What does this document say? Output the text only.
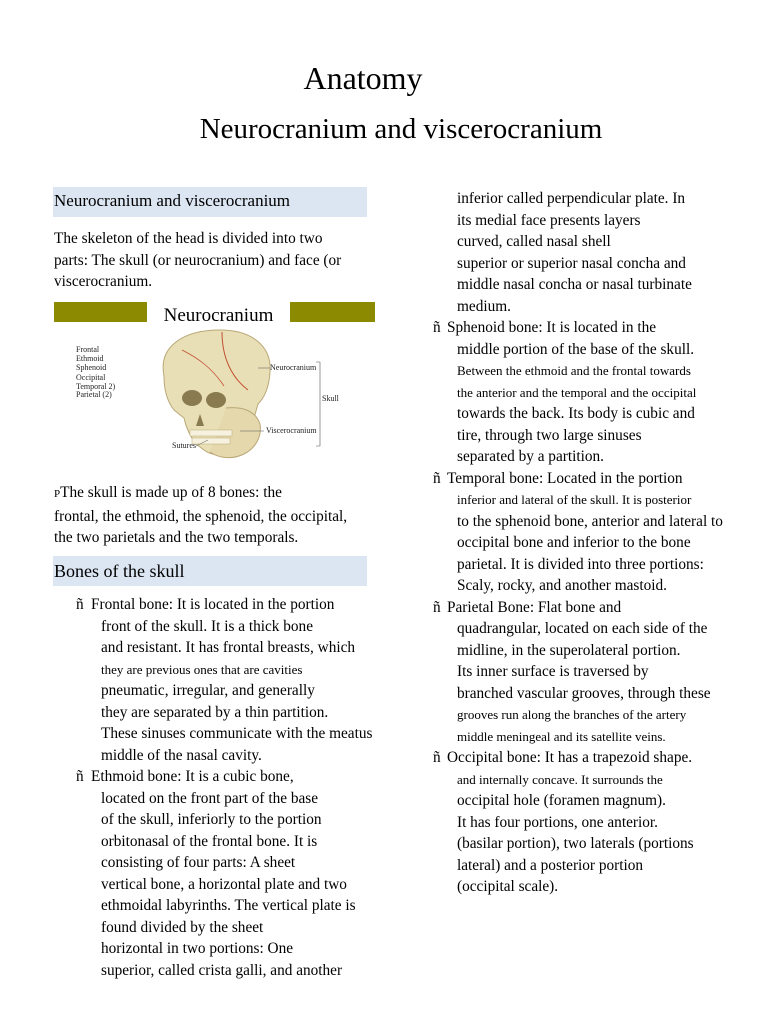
Anatomy
Neurocranium and viscerocranium
Neurocranium and viscerocranium

The skeleton of the head is divided into two
parts: The skull (or neurocranium) and face (or
viscerocranium.

Neurocranium
Frontal
Ethmoid
Sphenoid
Occipital
Temporal 2)
Parietal (2)
Neurocranium
Skull
Viscerocranium
Sutures

PThe skull is made up of 8 bones: the
frontal, the ethmoid, the sphenoid, the occipital,
the two parietals and the two temporals.

Bones of the skull
ñ Frontal bone: It is located in the portion
front of the skull. It is a thick bone
and resistant. It has frontal breasts, which
they are previous ones that are cavities
pneumatic, irregular, and generally
they are separated by a thin partition.
These sinuses communicate with the meatus
middle of the nasal cavity.
ñ Ethmoid bone: It is a cubic bone,
located on the front part of the base
of the skull, inferiorly to the portion
orbitonasal of the frontal bone. It is
consisting of four parts: A sheet
vertical bone, a horizontal plate and two
ethmoidal labyrinths. The vertical plate is
found divided by the sheet
horizontal in two portions: One
superior, called crista galli, and another
inferior called perpendicular plate. In
its medial face presents layers
curved, called nasal shell
superior or superior nasal concha and
middle nasal concha or nasal turbinate
medium.
ñ Sphenoid bone: It is located in the
middle portion of the base of the skull.
Between the ethmoid and the frontal towards
the anterior and the temporal and the occipital
towards the back. Its body is cubic and
tire, through two large sinuses
separated by a partition.
ñ Temporal bone: Located in the portion
inferior and lateral of the skull. It is posterior
to the sphenoid bone, anterior and lateral to
occipital bone and inferior to the bone
parietal. It is divided into three portions:
Scaly, rocky, and another mastoid.
ñ Parietal Bone: Flat bone and
quadrangular, located on each side of the
midline, in the superolateral portion.
Its inner surface is traversed by
branched vascular grooves, through these
grooves run along the branches of the artery
middle meningeal and its satellite veins.
ñ Occipital bone: It has a trapezoid shape.
and internally concave. It surrounds the
occipital hole (foramen magnum).
It has four portions, one anterior.
(basilar portion), two laterals (portions
lateral) and a posterior portion
(occipital scale).
